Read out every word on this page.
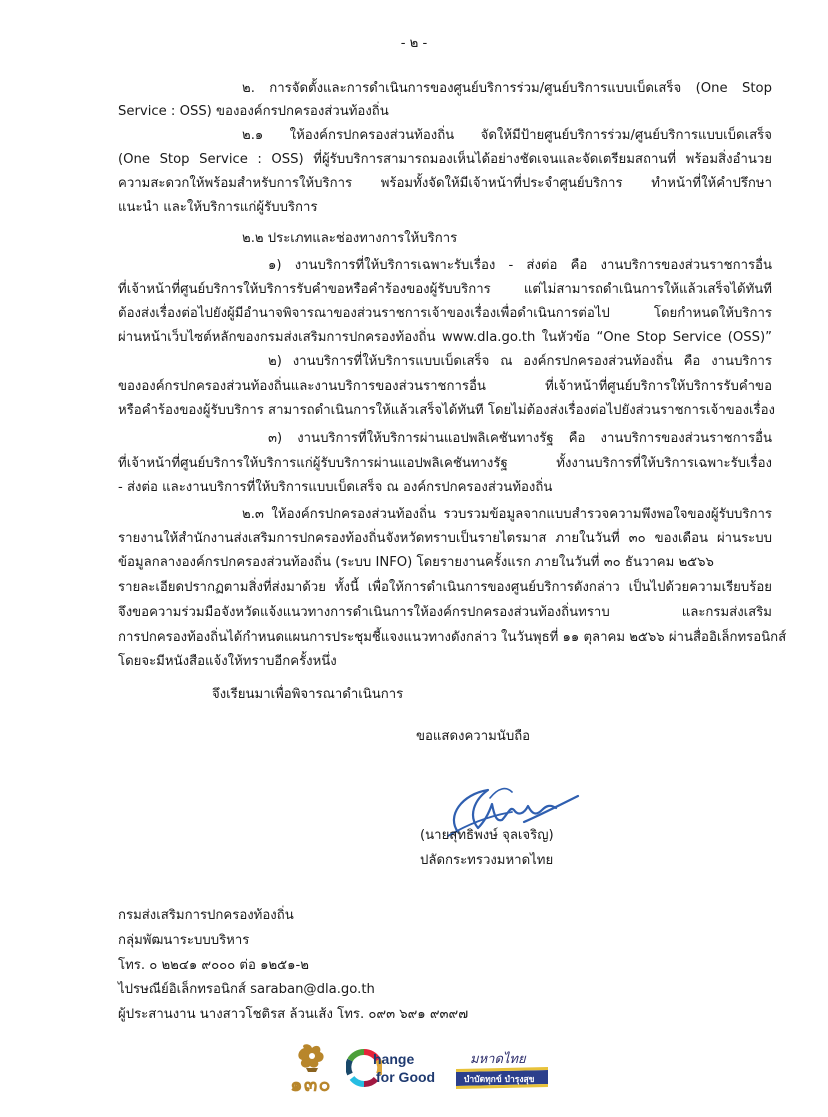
- ๒ -
๒. การจัดตั้งและการดำเนินการของศูนย์บริการร่วม/ศูนย์บริการแบบเบ็ดเสร็จ (One Stop
Service : OSS) ขององค์กรปกครองส่วนท้องถิ่น
๒.๑ ให้องค์กรปกครองส่วนท้องถิ่น จัดให้มีป้ายศูนย์บริการร่วม/ศูนย์บริการแบบเบ็ดเสร็จ
(One Stop Service : OSS) ที่ผู้รับบริการสามารถมองเห็นได้อย่างชัดเจนและจัดเตรียมสถานที่ พร้อมสิ่งอำนวย
ความสะดวกให้พร้อมสำหรับการให้บริการ พร้อมทั้งจัดให้มีเจ้าหน้าที่ประจำศูนย์บริการ ทำหน้าที่ให้คำปรึกษา
แนะนำ และให้บริการแก่ผู้รับบริการ
๒.๒ ประเภทและช่องทางการให้บริการ
๑) งานบริการที่ให้บริการเฉพาะรับเรื่อง - ส่งต่อ คือ งานบริการของส่วนราชการอื่น
ที่เจ้าหน้าที่ศูนย์บริการให้บริการรับคำขอหรือคำร้องของผู้รับบริการ แต่ไม่สามารถดำเนินการให้แล้วเสร็จได้ทันที
ต้องส่งเรื่องต่อไปยังผู้มีอำนาจพิจารณาของส่วนราชการเจ้าของเรื่องเพื่อดำเนินการต่อไป โดยกำหนดให้บริการ
ผ่านหน้าเว็บไซต์หลักของกรมส่งเสริมการปกครองท้องถิ่น www.dla.go.th ในหัวข้อ “One Stop Service (OSS)”
๒) งานบริการที่ให้บริการแบบเบ็ดเสร็จ ณ องค์กรปกครองส่วนท้องถิ่น คือ งานบริการ
ขององค์กรปกครองส่วนท้องถิ่นและงานบริการของส่วนราชการอื่น ที่เจ้าหน้าที่ศูนย์บริการให้บริการรับคำขอ
หรือคำร้องของผู้รับบริการ สามารถดำเนินการให้แล้วเสร็จได้ทันที โดยไม่ต้องส่งเรื่องต่อไปยังส่วนราชการเจ้าของเรื่อง
๓) งานบริการที่ให้บริการผ่านแอปพลิเคชันทางรัฐ คือ งานบริการของส่วนราชการอื่น
ที่เจ้าหน้าที่ศูนย์บริการให้บริการแก่ผู้รับบริการผ่านแอปพลิเคชันทางรัฐ ทั้งงานบริการที่ให้บริการเฉพาะรับเรื่อง
- ส่งต่อ และงานบริการที่ให้บริการแบบเบ็ดเสร็จ ณ องค์กรปกครองส่วนท้องถิ่น
๒.๓ ให้องค์กรปกครองส่วนท้องถิ่น รวบรวมข้อมูลจากแบบสำรวจความพึงพอใจของผู้รับบริการ
รายงานให้สำนักงานส่งเสริมการปกครองท้องถิ่นจังหวัดทราบเป็นรายไตรมาส ภายในวันที่ ๓๐ ของเดือน ผ่านระบบ
ข้อมูลกลางองค์กรปกครองส่วนท้องถิ่น (ระบบ INFO) โดยรายงานครั้งแรก ภายในวันที่ ๓๐ ธันวาคม ๒๕๖๖
รายละเอียดปรากฏตามสิ่งที่ส่งมาด้วย ทั้งนี้ เพื่อให้การดำเนินการของศูนย์บริการดังกล่าว เป็นไปด้วยความเรียบร้อย
จึงขอความร่วมมือจังหวัดแจ้งแนวทางการดำเนินการให้องค์กรปกครองส่วนท้องถิ่นทราบ และกรมส่งเสริม
การปกครองท้องถิ่นได้กำหนดแผนการประชุมชี้แจงแนวทางดังกล่าว ในวันพุธที่ ๑๑ ตุลาคม ๒๕๖๖ ผ่านสื่ออิเล็กทรอนิกส์
โดยจะมีหนังสือแจ้งให้ทราบอีกครั้งหนึ่ง
จึงเรียนมาเพื่อพิจารณาดำเนินการ
ขอแสดงความนับถือ
(นายสุทธิพงษ์ จุลเจริญ)
ปลัดกระทรวงมหาดไทย
กรมส่งเสริมการปกครองท้องถิ่น
กลุ่มพัฒนาระบบบริหาร
โทร. ๐ ๒๒๔๑ ๙๐๐๐ ต่อ ๑๒๕๑-๒
ไปรษณีย์อิเล็กทรอนิกส์ saraban@dla.go.th
ผู้ประสานงาน นางสาวโชติรส ล้วนเส้ง โทร. ๐๙๓ ๖๙๑ ๙๓๙๗
๑๓๐
hange
for Good
มหาดไทย
บำบัดทุกข์ บำรุงสุข
